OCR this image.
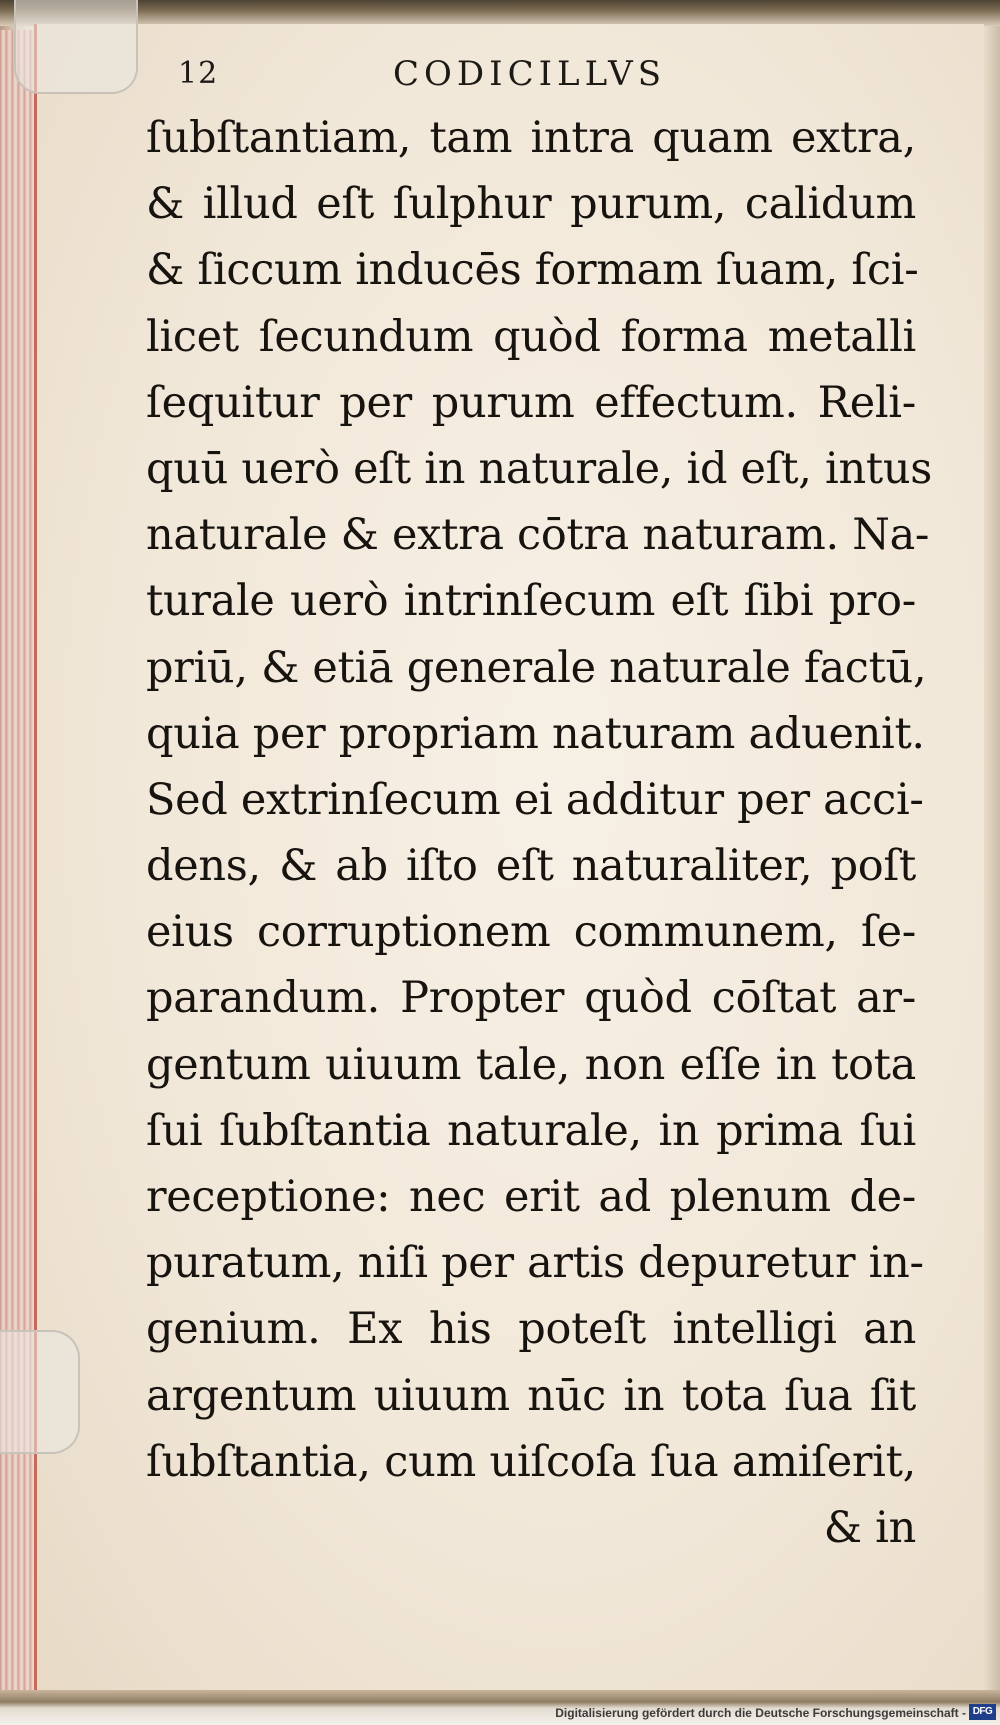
12	CODICILLVS
ſubſtantiam, tam intra quam extra,
& illud eſt ſulphur purum, calidum
& ſiccum inducēs formam ſuam, ſci-
licet ſecundum quòd forma metalli
ſequitur per purum effectum. Reli-
quū uerò eſt in naturale, id eſt, intus
naturale & extra cōtra naturam. Na-
turale uerò intrinſecum eſt ſibi pro-
priū, & etiā generale naturale factū,
quia per propriam naturam aduenit.
Sed extrinſecum ei additur per acci-
dens, & ab iſto eſt naturaliter, poſt
eius corruptionem communem, ſe-
parandum. Propter quòd cōſtat ar-
gentum uiuum tale, non eſſe in tota
ſui ſubſtantia naturale, in prima ſui
receptione: nec erit ad plenum de-
puratum, niſi per artis depuretur in-
genium. Ex his poteſt intelligi an
argentum uiuum nūc in tota ſua ſit
ſubſtantia, cum uiſcoſa ſua amiſerit,
& in
Digitalisierung gefördert durch die Deutsche Forschungsgemeinschaft - DFG
